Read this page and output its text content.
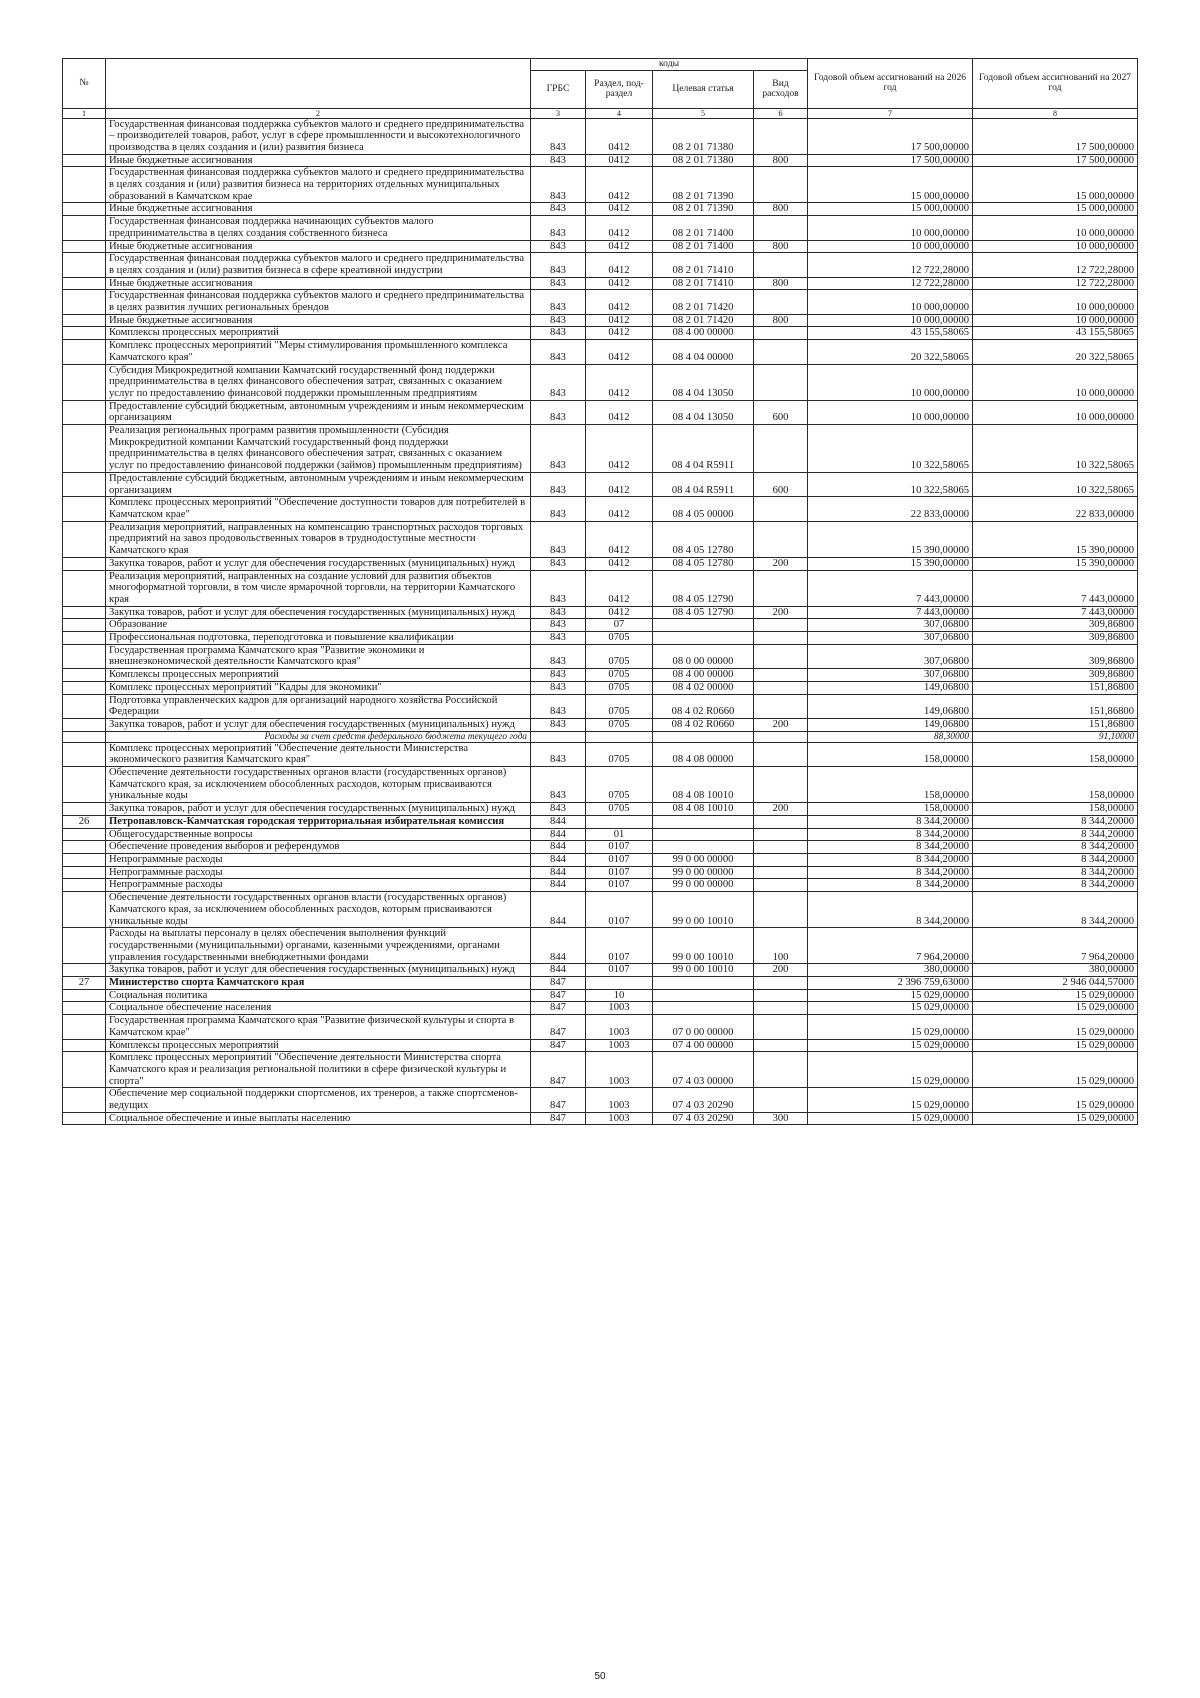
№		коды				Годовой объем ассигнований на 2026 год	Годовой объем ассигнований на 2027 год
		ГРБС	Раздел, под-раздел	Целевая статья	Вид расходов		
1	2	3	4	5	6	7	8
	Государственная финансовая поддержка субъектов малого и среднего предпринимательства – производителей товаров, работ, услуг в сфере промышленности и высокотехнологичного производства в целях создания и (или) развития бизнеса	843	0412	08 2 01 71380		17 500,00000	17 500,00000
	Иные бюджетные ассигнования	843	0412	08 2 01 71380	800	17 500,00000	17 500,00000
	Государственная финансовая поддержка субъектов малого и среднего предпринимательства в целях создания и (или) развития бизнеса на территориях отдельных муниципальных образований в Камчатском крае	843	0412	08 2 01 71390		15 000,00000	15 000,00000
	Иные бюджетные ассигнования	843	0412	08 2 01 71390	800	15 000,00000	15 000,00000
	Государственная финансовая поддержка начинающих субъектов малого предпринимательства в целях создания собственного бизнеса	843	0412	08 2 01 71400		10 000,00000	10 000,00000
	Иные бюджетные ассигнования	843	0412	08 2 01 71400	800	10 000,00000	10 000,00000
	Государственная финансовая поддержка субъектов малого и среднего предпринимательства в целях создания и (или) развития бизнеса в сфере креативной индустрии	843	0412	08 2 01 71410		12 722,28000	12 722,28000
	Иные бюджетные ассигнования	843	0412	08 2 01 71410	800	12 722,28000	12 722,28000
	Государственная финансовая поддержка субъектов малого и среднего предпринимательства в целях развития лучших региональных брендов	843	0412	08 2 01 71420		10 000,00000	10 000,00000
	Иные бюджетные ассигнования	843	0412	08 2 01 71420	800	10 000,00000	10 000,00000
	Комплексы процессных мероприятий	843	0412	08 4 00 00000		43 155,58065	43 155,58065
	Комплекс процессных мероприятий "Меры стимулирования промышленного комплекса Камчатского края"	843	0412	08 4 04 00000		20 322,58065	20 322,58065
	Субсидия Микрокредитной компании Камчатский государственный фонд поддержки предпринимательства в целях финансового обеспечения затрат, связанных с оказанием услуг по предоставлению финансовой поддержки промышленным предприятиям	843	0412	08 4 04 13050		10 000,00000	10 000,00000
	Предоставление субсидий бюджетным, автономным учреждениям и иным некоммерческим организациям	843	0412	08 4 04 13050	600	10 000,00000	10 000,00000
	Реализация региональных программ развития промышленности (Субсидия Микрокредитной компании Камчатский государственный фонд поддержки предпринимательства в целях финансового обеспечения затрат, связанных с оказанием услуг по предоставлению финансовой поддержки (займов) промышленным предприятиям)	843	0412	08 4 04 R5911		10 322,58065	10 322,58065
	Предоставление субсидий бюджетным, автономным учреждениям и иным некоммерческим организациям	843	0412	08 4 04 R5911	600	10 322,58065	10 322,58065
	Комплекс процессных мероприятий "Обеспечение доступности товаров для потребителей в Камчатском крае"	843	0412	08 4 05 00000		22 833,00000	22 833,00000
	Реализация мероприятий, направленных на компенсацию транспортных расходов торговых предприятий на завоз продовольственных товаров в труднодоступные местности Камчатского края	843	0412	08 4 05 12780		15 390,00000	15 390,00000
	Закупка товаров, работ и услуг для обеспечения государственных (муниципальных) нужд	843	0412	08 4 05 12780	200	15 390,00000	15 390,00000
	Реализация мероприятий, направленных на создание условий для развития объектов многоформатной торговли, в том числе ярмарочной торговли, на территории Камчатского края	843	0412	08 4 05 12790		7 443,00000	7 443,00000
	Закупка товаров, работ и услуг для обеспечения государственных (муниципальных) нужд	843	0412	08 4 05 12790	200	7 443,00000	7 443,00000
	Образование	843	07			307,06800	309,86800
	Профессиональная подготовка, переподготовка и повышение квалификации	843	0705			307,06800	309,86800
	Государственная программа Камчатского края "Развитие экономики и внешнеэкономической деятельности Камчатского края"	843	0705	08 0 00 00000		307,06800	309,86800
	Комплексы процессных мероприятий	843	0705	08 4 00 00000		307,06800	309,86800
	Комплекс процессных мероприятий "Кадры для экономики"	843	0705	08 4 02 00000		149,06800	151,86800
	Подготовка управленческих кадров для организаций народного хозяйства Российской Федерации	843	0705	08 4 02 R0660		149,06800	151,86800
	Закупка товаров, работ и услуг для обеспечения государственных (муниципальных) нужд	843	0705	08 4 02 R0660	200	149,06800	151,86800
	Расходы за счет средств федерального бюджета текущего года					88,30000	91,10000
	Комплекс процессных мероприятий "Обеспечение деятельности Министерства экономического развития Камчатского края"	843	0705	08 4 08 00000		158,00000	158,00000
	Обеспечение деятельности государственных органов власти (государственных органов) Камчатского края, за исключением обособленных расходов, которым присваиваются уникальные коды	843	0705	08 4 08 10010		158,00000	158,00000
	Закупка товаров, работ и услуг для обеспечения государственных (муниципальных) нужд	843	0705	08 4 08 10010	200	158,00000	158,00000
26	Петропавловск-Камчатская городская территориальная избирательная комиссия	844				8 344,20000	8 344,20000
	Общегосударственные вопросы	844	01			8 344,20000	8 344,20000
	Обеспечение проведения выборов и референдумов	844	0107			8 344,20000	8 344,20000
	Непрограммные расходы	844	0107	99 0 00 00000		8 344,20000	8 344,20000
	Непрограммные расходы	844	0107	99 0 00 00000		8 344,20000	8 344,20000
	Непрограммные расходы	844	0107	99 0 00 00000		8 344,20000	8 344,20000
	Обеспечение деятельности государственных органов власти (государственных органов) Камчатского края, за исключением обособленных расходов, которым присваиваются уникальные коды	844	0107	99 0 00 10010		8 344,20000	8 344,20000
	Расходы на выплаты персоналу в целях обеспечения выполнения функций государственными (муниципальными) органами, казенными учреждениями, органами управления государственными внебюджетными фондами	844	0107	99 0 00 10010	100	7 964,20000	7 964,20000
	Закупка товаров, работ и услуг для обеспечения государственных (муниципальных) нужд	844	0107	99 0 00 10010	200	380,00000	380,00000
27	Министерство спорта Камчатского края	847				2 396 759,63000	2 946 044,57000
	Социальная политика	847	10			15 029,00000	15 029,00000
	Социальное обеспечение населения	847	1003			15 029,00000	15 029,00000
	Государственная программа Камчатского края "Развитие физической культуры и спорта в Камчатском крае"	847	1003	07 0 00 00000		15 029,00000	15 029,00000
	Комплексы процессных мероприятий	847	1003	07 4 00 00000		15 029,00000	15 029,00000
	Комплекс процессных мероприятий "Обеспечение деятельности Министерства спорта Камчатского края и реализация региональной политики в сфере физической культуры и спорта"	847	1003	07 4 03 00000		15 029,00000	15 029,00000
	Обеспечение мер социальной поддержки спортсменов, их тренеров, а также спортсменов-ведущих	847	1003	07 4 03 20290		15 029,00000	15 029,00000
	Социальное обеспечение и иные выплаты населению	847	1003	07 4 03 20290	300	15 029,00000	15 029,00000
50
